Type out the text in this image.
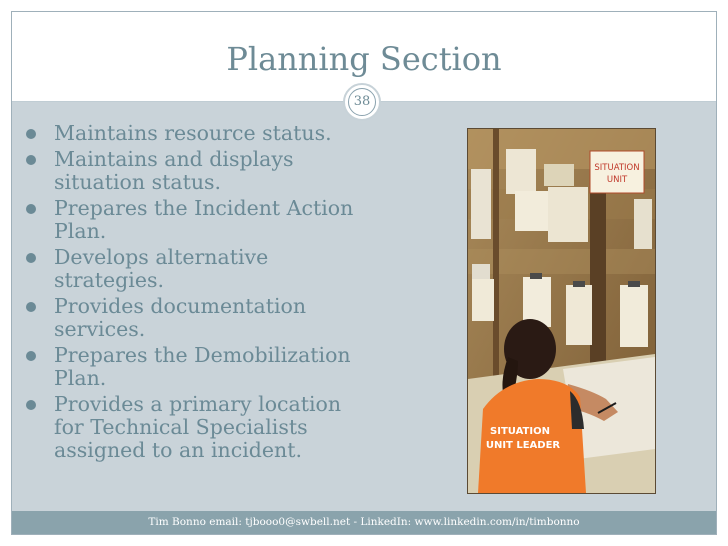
Planning Section
38
Maintains resource status.
Maintains and displays situation status.
Prepares the Incident Action Plan.
Develops alternative strategies.
Provides documentation services.
Prepares the Demobilization Plan.
Provides a primary location for Technical Specialists assigned to an incident.
SITUATION
UNIT
SITUATION
UNIT LEADER
Tim Bonno email: tjbooo0@swbell.net - LinkedIn: www.linkedin.com/in/timbonno
